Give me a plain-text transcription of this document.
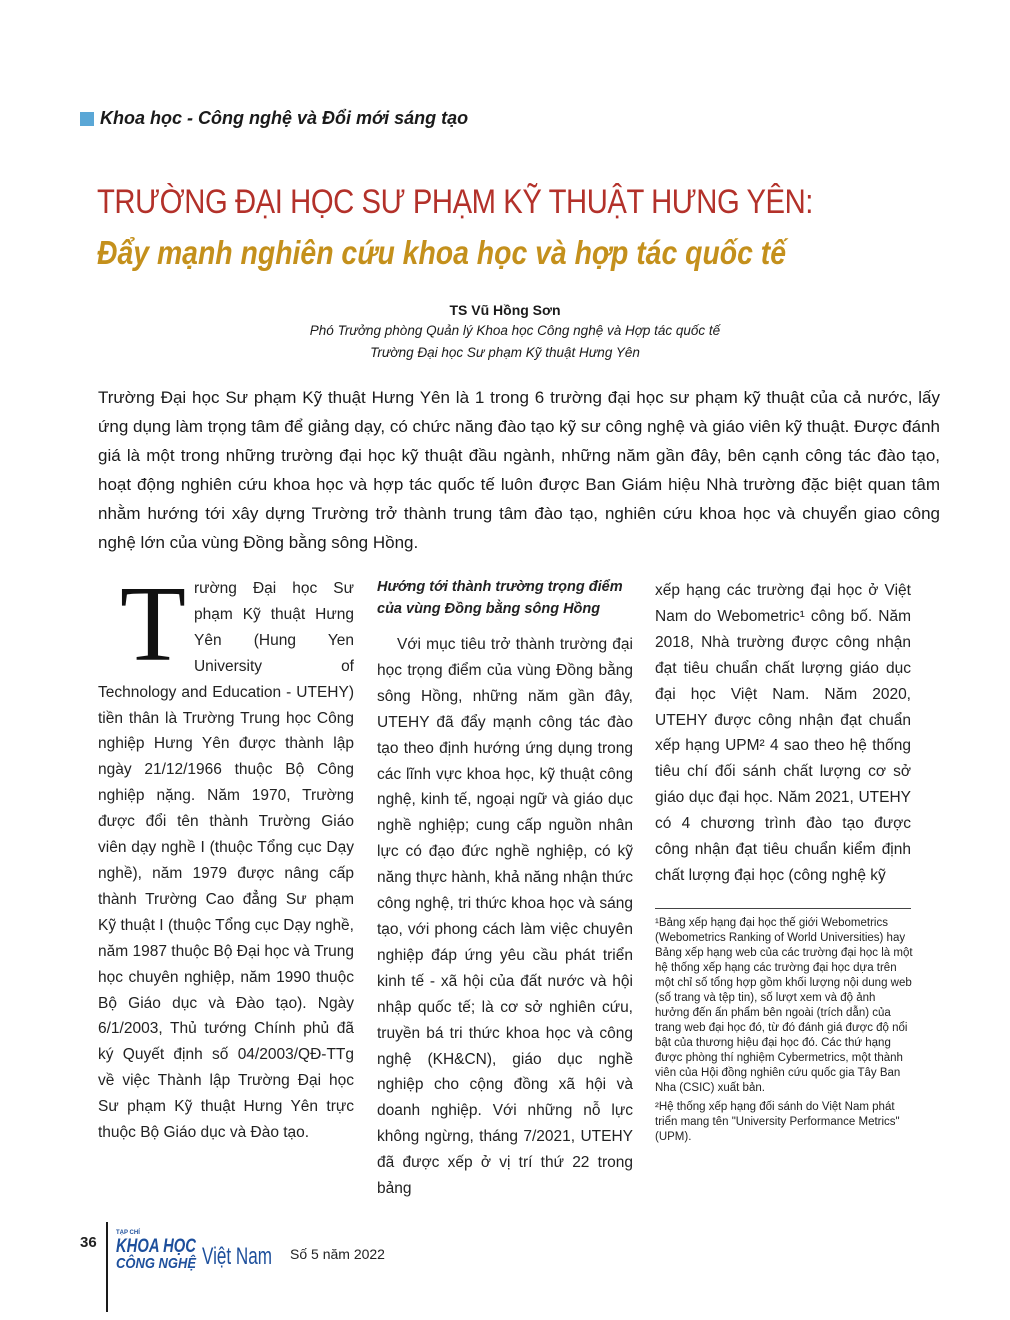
Khoa học - Công nghệ và Đổi mới sáng tạo
TRƯỜNG ĐẠI HỌC SƯ PHẠM KỸ THUẬT HƯNG YÊN:
Đẩy mạnh nghiên cứu khoa học và hợp tác quốc tế
TS Vũ Hồng Sơn
Phó Trưởng phòng Quản lý Khoa học Công nghệ và Hợp tác quốc tế
Trường Đại học Sư phạm Kỹ thuật Hưng Yên
Trường Đại học Sư phạm Kỹ thuật Hưng Yên là 1 trong 6 trường đại học sư phạm kỹ thuật của cả nước, lấy ứng dụng làm trọng tâm để giảng dạy, có chức năng đào tạo kỹ sư công nghệ và giáo viên kỹ thuật. Được đánh giá là một trong những trường đại học kỹ thuật đầu ngành, những năm gần đây, bên cạnh công tác đào tạo, hoạt động nghiên cứu khoa học và hợp tác quốc tế luôn được Ban Giám hiệu Nhà trường đặc biệt quan tâm nhằm hướng tới xây dựng Trường trở thành trung tâm đào tạo, nghiên cứu khoa học và chuyển giao công nghệ lớn của vùng Đồng bằng sông Hồng.
T rường Đại học Sư phạm Kỹ thuật Hưng Yên (Hung Yen University of Technology and Education - UTEHY) tiền thân là Trường Trung học Công nghiệp Hưng Yên được thành lập ngày 21/12/1966 thuộc Bộ Công nghiệp nặng. Năm 1970, Trường được đổi tên thành Trường Giáo viên dạy nghề I (thuộc Tổng cục Dạy nghề), năm 1979 được nâng cấp thành Trường Cao đẳng Sư phạm Kỹ thuật I (thuộc Tổng cục Dạy nghề, năm 1987 thuộc Bộ Đại học và Trung học chuyên nghiệp, năm 1990 thuộc Bộ Giáo dục và Đào tạo). Ngày 6/1/2003, Thủ tướng Chính phủ đã ký Quyết định số 04/2003/QĐ-TTg về việc Thành lập Trường Đại học Sư phạm Kỹ thuật Hưng Yên trực thuộc Bộ Giáo dục và Đào tạo.
Hướng tới thành trường trọng điểm
của vùng Đồng bằng sông Hồng
Với mục tiêu trở thành trường đại học trọng điểm của vùng Đồng bằng sông Hồng, những năm gần đây, UTEHY đã đẩy mạnh công tác đào tạo theo định hướng ứng dụng trong các lĩnh vực khoa học, kỹ thuật công nghệ, kinh tế, ngoại ngữ và giáo dục nghề nghiệp; cung cấp nguồn nhân lực có đạo đức nghề nghiệp, có kỹ năng thực hành, khả năng nhận thức công nghệ, tri thức khoa học và sáng tạo, với phong cách làm việc chuyên nghiệp đáp ứng yêu cầu phát triển kinh tế - xã hội của đất nước và hội nhập quốc tế; là cơ sở nghiên cứu, truyền bá tri thức khoa học và công nghệ (KH&CN), giáo dục nghề nghiệp cho cộng đồng xã hội và doanh nghiệp. Với những nỗ lực không ngừng, tháng 7/2021, UTEHY đã được xếp ở vị trí thứ 22 trong bảng
xếp hạng các trường đại học ở Việt Nam do Webometric¹ công bố. Năm 2018, Nhà trường được công nhận đạt tiêu chuẩn chất lượng giáo dục đại học Việt Nam. Năm 2020, UTEHY được công nhận đạt chuẩn xếp hạng UPM² 4 sao theo hệ thống tiêu chí đối sánh chất lượng cơ sở giáo dục đại học. Năm 2021, UTEHY có 4 chương trình đào tạo được công nhận đạt tiêu chuẩn kiểm định chất lượng đại học (công nghệ kỹ

¹Bảng xếp hạng đại học thế giới Webometrics (Webometrics Ranking of World Universities) hay Bảng xếp hạng web của các trường đại học là một hệ thống xếp hạng các trường đại học dựa trên một chỉ số tổng hợp gồm khối lượng nội dung web (số trang và tệp tin), số lượt xem và độ ảnh hưởng đến ấn phẩm bên ngoài (trích dẫn) của trang web đại học đó, từ đó đánh giá được độ nổi bật của thương hiệu đại học đó. Các thứ hạng được phòng thí nghiệm Cybermetrics, một thành viên của Hội đồng nghiên cứu quốc gia Tây Ban Nha (CSIC) xuất bản.

²Hệ thống xếp hạng đối sánh do Việt Nam phát triển mang tên "University Performance Metrics" (UPM).

36
TẠP CHÍ
KHOA HỌC
CÔNG NGHỆ
Việt Nam Số 5 năm 2022
